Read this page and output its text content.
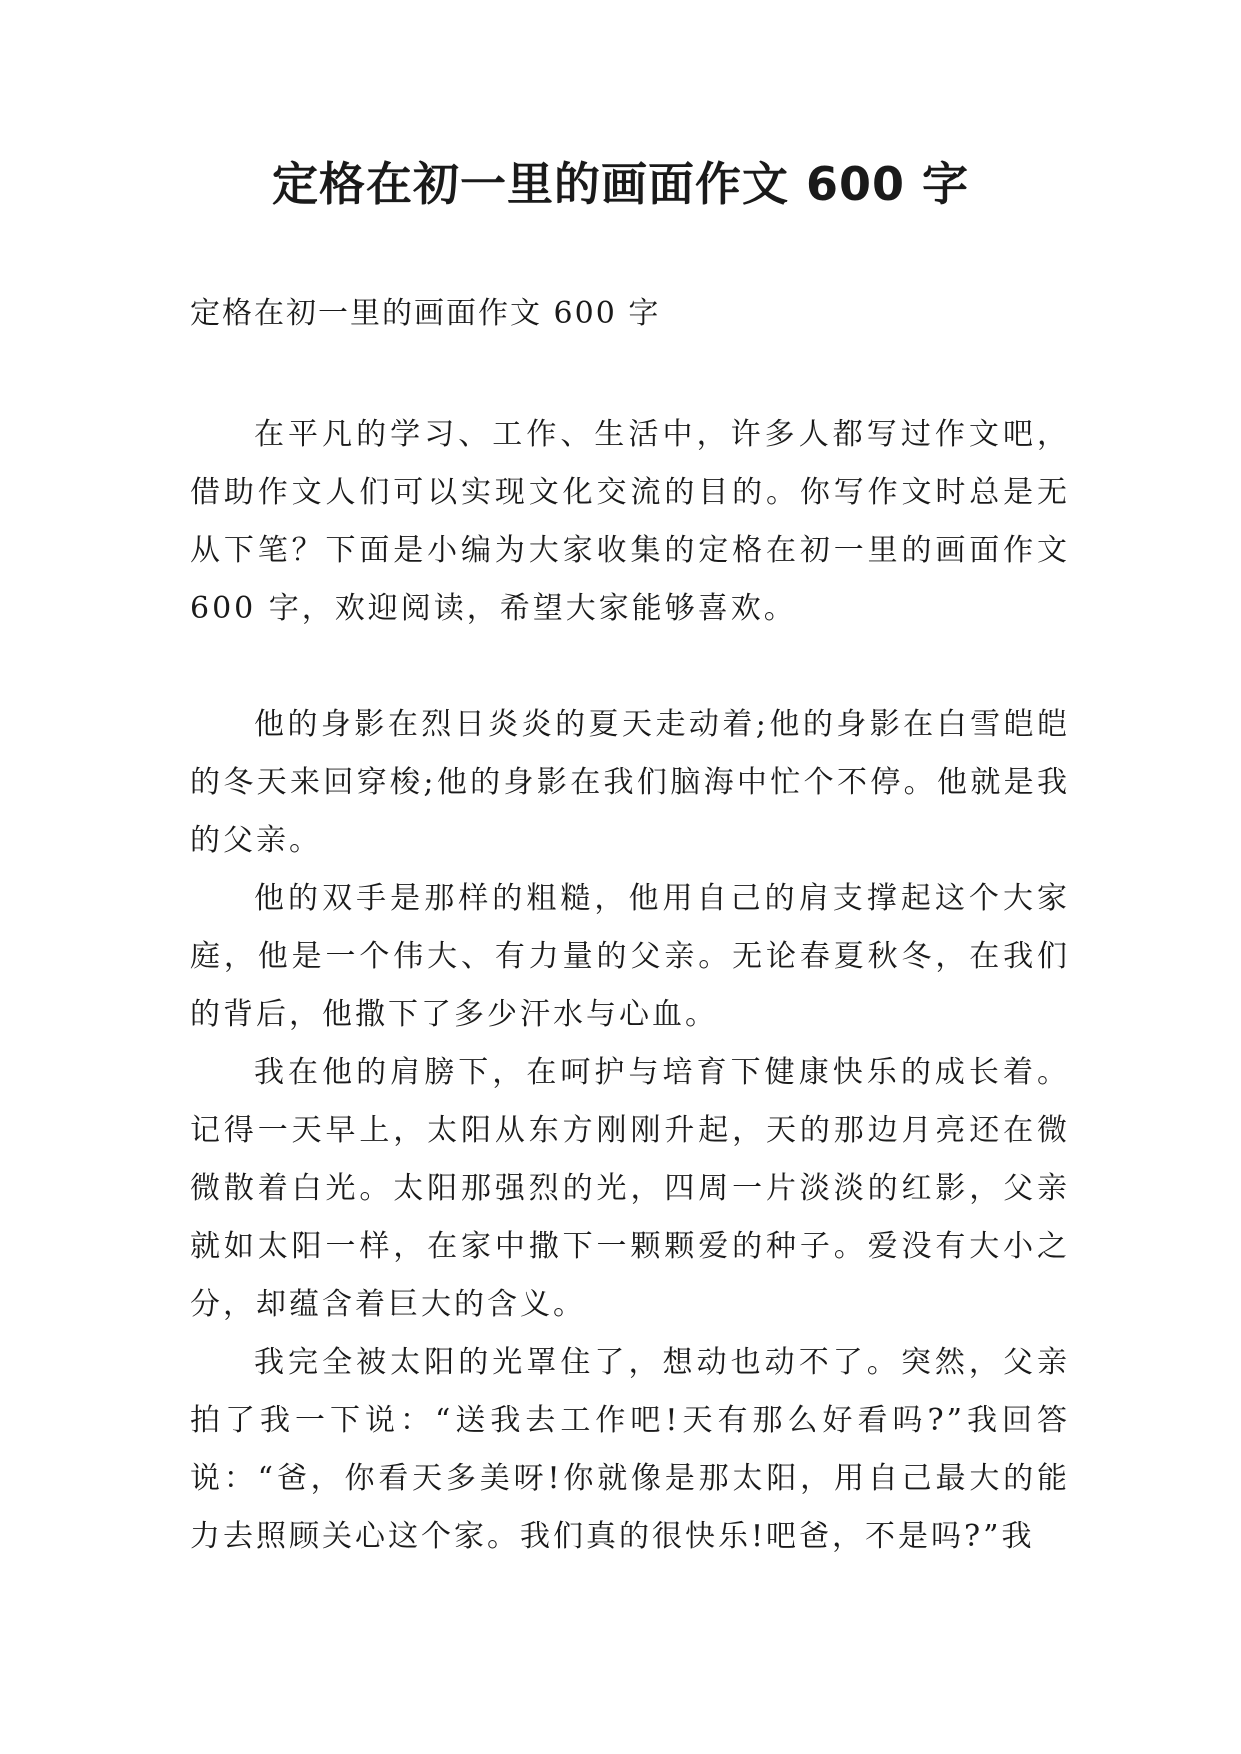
定格在初一里的画面作文 600 字

定格在初一里的画面作文 600 字

在平凡的学习、工作、生活中，许多人都写过作文吧，借助作文人们可以实现文化交流的目的。你写作文时总是无从下笔？下面是小编为大家收集的定格在初一里的画面作文 600 字，欢迎阅读，希望大家能够喜欢。

他的身影在烈日炎炎的夏天走动着;他的身影在白雪皑皑的冬天来回穿梭;他的身影在我们脑海中忙个不停。他就是我的父亲。

他的双手是那样的粗糙，他用自己的肩支撑起这个大家庭，他是一个伟大、有力量的父亲。无论春夏秋冬，在我们的背后，他撒下了多少汗水与心血。

我在他的肩膀下，在呵护与培育下健康快乐的成长着。记得一天早上，太阳从东方刚刚升起，天的那边月亮还在微微散着白光。太阳那强烈的光，四周一片淡淡的红影，父亲就如太阳一样，在家中撒下一颗颗爱的种子。爱没有大小之分，却蕴含着巨大的含义。

我完全被太阳的光罩住了，想动也动不了。突然，父亲拍了我一下说：“送我去工作吧!天有那么好看吗?”我回答说：“爸，你看天多美呀!你就像是那太阳，用自己最大的能力去照顾关心这个家。我们真的很快乐!吧爸，不是吗?”我
